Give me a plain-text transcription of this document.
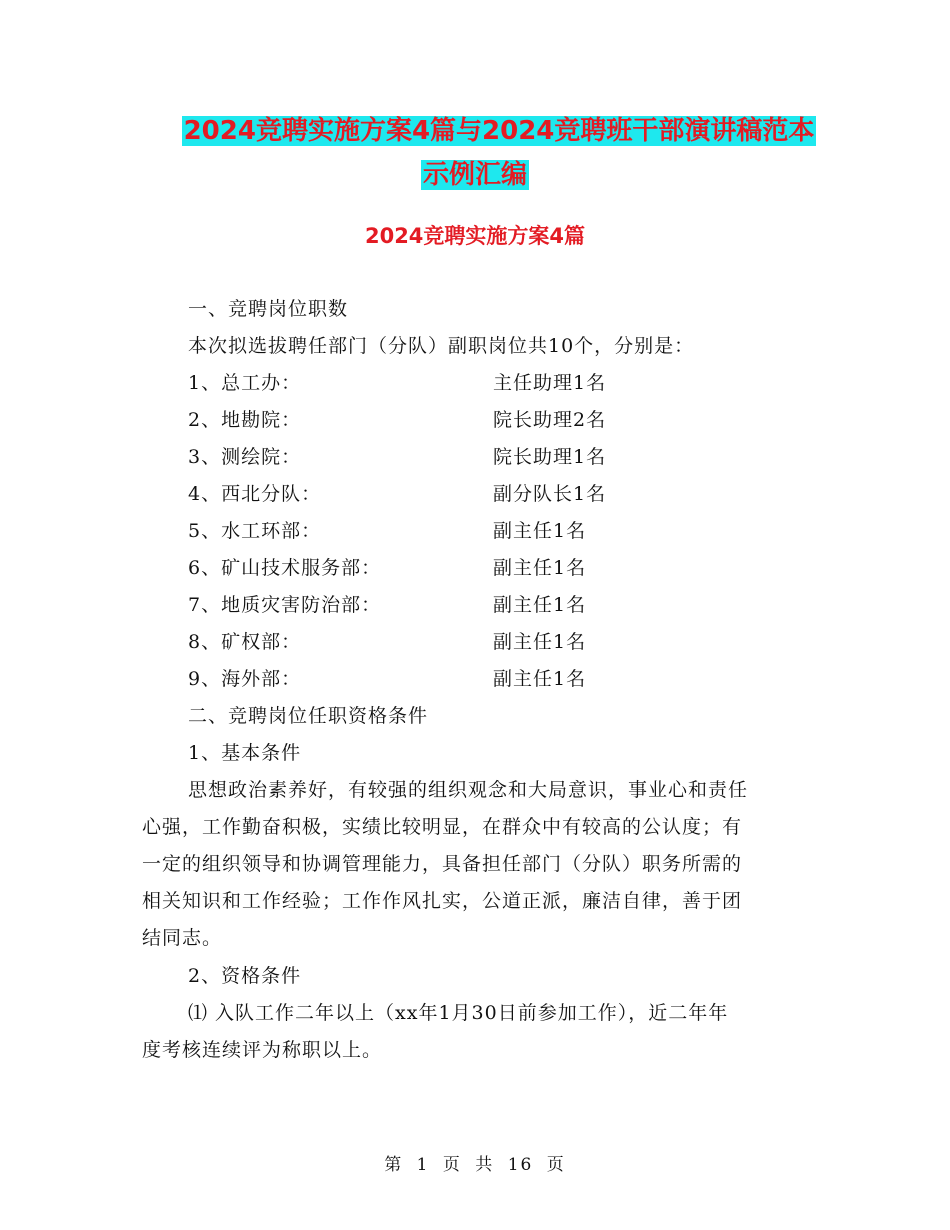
2024竞聘实施方案4篇与2024竞聘班干部演讲稿范本
示例汇编
2024竞聘实施方案4篇
一、竞聘岗位职数
本次拟选拔聘任部门（分队）副职岗位共10个，分别是：
1、总工办：	主任助理1名
2、地勘院：	院长助理2名
3、测绘院：	院长助理1名
4、西北分队：	副分队长1名
5、水工环部：	副主任1名
6、矿山技术服务部：	副主任1名
7、地质灾害防治部：	副主任1名
8、矿权部：	副主任1名
9、海外部：	副主任1名
二、竞聘岗位任职资格条件
1、基本条件
思想政治素养好，有较强的组织观念和大局意识，事业心和责任
心强，工作勤奋积极，实绩比较明显，在群众中有较高的公认度；有
一定的组织领导和协调管理能力，具备担任部门（分队）职务所需的
相关知识和工作经验；工作作风扎实，公道正派，廉洁自律，善于团
结同志。
2、资格条件
⑴ 入队工作二年以上（xx年1月30日前参加工作），近二年年
度考核连续评为称职以上。
第 1 页 共 16 页
